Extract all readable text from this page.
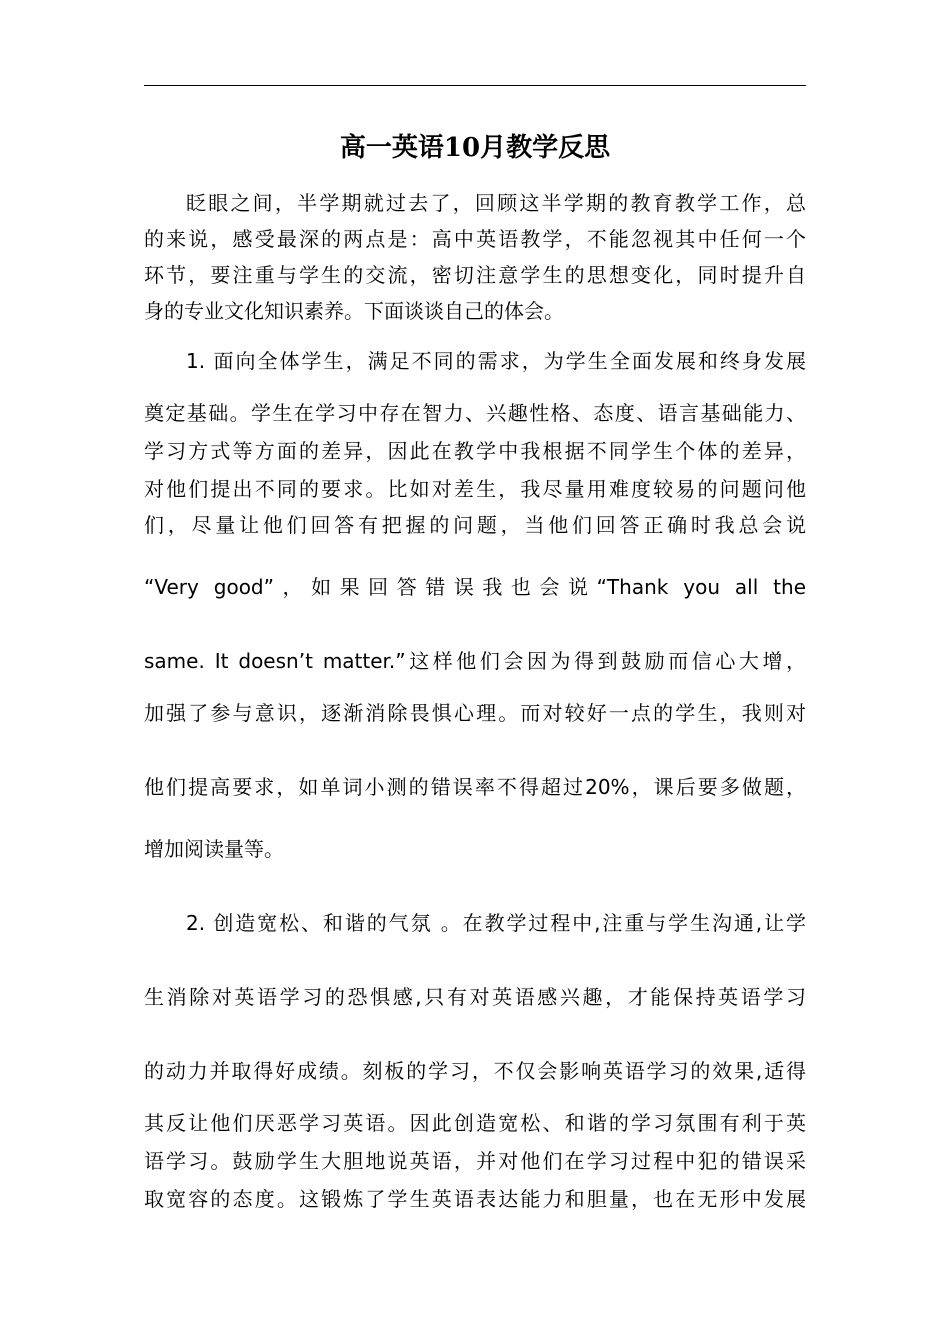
高一英语10月教学反思
眨眼之间，半学期就过去了，回顾这半学期的教育教学工作，总
的来说，感受最深的两点是：高中英语教学，不能忽视其中任何一个
环节，要注重与学生的交流，密切注意学生的思想变化，同时提升自
身的专业文化知识素养。下面谈谈自己的体会。
1. 面向全体学生，满足不同的需求，为学生全面发展和终身发展
奠定基础。学生在学习中存在智力、兴趣性格、态度、语言基础能力、
学习方式等方面的差异，因此在教学中我根据不同学生个体的差异，
对他们提出不同的要求。比如对差生，我尽量用难度较易的问题问他
们，尽量让他们回答有把握的问题，当他们回答正确时我总会说
“Very good”，如果回答错误我也会说“Thank you all the
same. It doesn’t matter.”这样他们会因为得到鼓励而信心大增，
加强了参与意识，逐渐消除畏惧心理。而对较好一点的学生，我则对
他们提高要求，如单词小测的错误率不得超过20%，课后要多做题，
增加阅读量等。
2. 创造宽松、和谐的气氛 。在教学过程中,注重与学生沟通,让学
生消除对英语学习的恐惧感,只有对英语感兴趣，才能保持英语学习
的动力并取得好成绩。刻板的学习，不仅会影响英语学习的效果,适得
其反让他们厌恶学习英语。因此创造宽松、和谐的学习氛围有利于英
语学习。鼓励学生大胆地说英语，并对他们在学习过程中犯的错误采
取宽容的态度。这锻炼了学生英语表达能力和胆量，也在无形中发展
